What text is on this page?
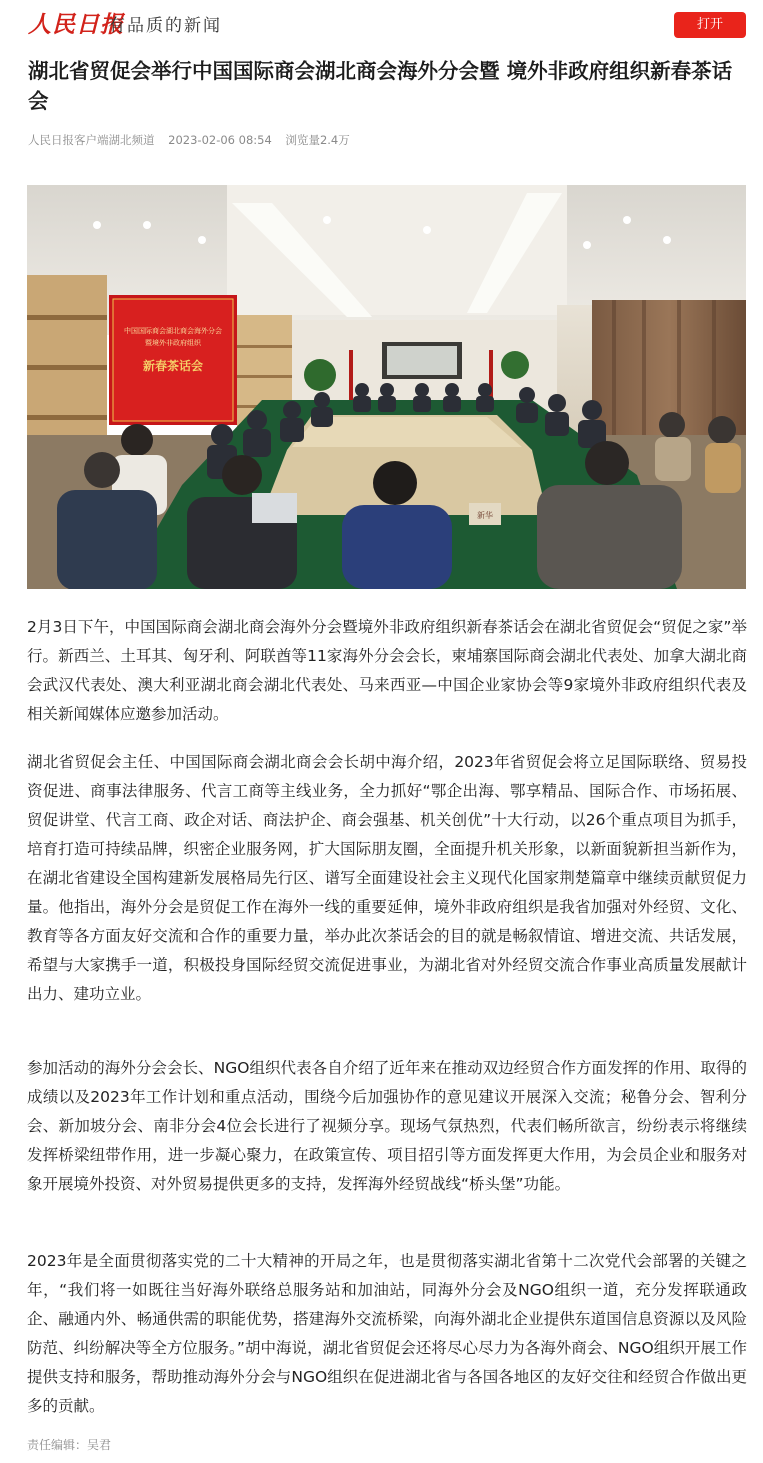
人民日报
有品质的新闻	打开
湖北省贸促会举行中国国际商会湖北商会海外分会暨 境外非政府组织新春茶话会
人民日报客户端湖北频道 2023-02-06 08:54 浏览量2.4万
中国国际商会湖北商会海外分会
暨境外非政府组织
新春茶话会
新华

2月3日下午，中国国际商会湖北商会海外分会暨境外非政府组织新春茶话会在湖北省贸促会“贸促之家”举行。新西兰、土耳其、匈牙利、阿联酋等11家海外分会会长，柬埔寨国际商会湖北代表处、加拿大湖北商会武汉代表处、澳大利亚湖北商会湖北代表处、马来西亚—中国企业家协会等9家境外非政府组织代表及相关新闻媒体应邀参加活动。

湖北省贸促会主任、中国国际商会湖北商会会长胡中海介绍，2023年省贸促会将立足国际联络、贸易投资促进、商事法律服务、代言工商等主线业务，全力抓好“鄂企出海、鄂享精品、国际合作、市场拓展、贸促讲堂、代言工商、政企对话、商法护企、商会强基、机关创优”十大行动，以26个重点项目为抓手，培育打造可持续品牌，织密企业服务网，扩大国际朋友圈，全面提升机关形象，以新面貌新担当新作为，在湖北省建设全国构建新发展格局先行区、谱写全面建设社会主义现代化国家荆楚篇章中继续贡献贸促力量。他指出，海外分会是贸促工作在海外一线的重要延伸，境外非政府组织是我省加强对外经贸、文化、教育等各方面友好交流和合作的重要力量，举办此次茶话会的目的就是畅叙情谊、增进交流、共话发展，希望与大家携手一道，积极投身国际经贸交流促进事业，为湖北省对外经贸交流合作事业高质量发展献计出力、建功立业。

参加活动的海外分会会长、NGO组织代表各自介绍了近年来在推动双边经贸合作方面发挥的作用、取得的成绩以及2023年工作计划和重点活动，围绕今后加强协作的意见建议开展深入交流；秘鲁分会、智利分会、新加坡分会、南非分会4位会长进行了视频分享。现场气氛热烈，代表们畅所欲言，纷纷表示将继续发挥桥梁纽带作用，进一步凝心聚力，在政策宣传、项目招引等方面发挥更大作用，为会员企业和服务对象开展境外投资、对外贸易提供更多的支持，发挥海外经贸战线“桥头堡”功能。

2023年是全面贯彻落实党的二十大精神的开局之年，也是贯彻落实湖北省第十二次党代会部署的关键之年，“我们将一如既往当好海外联络总服务站和加油站，同海外分会及NGO组织一道，充分发挥联通政企、融通内外、畅通供需的职能优势，搭建海外交流桥梁，向海外湖北企业提供东道国信息资源以及风险防范、纠纷解决等全方位服务。”胡中海说，湖北省贸促会还将尽心尽力为各海外商会、NGO组织开展工作提供支持和服务，帮助推动海外分会与NGO组织在促进湖北省与各国各地区的友好交往和经贸合作做出更多的贡献。

责任编辑：吴君
